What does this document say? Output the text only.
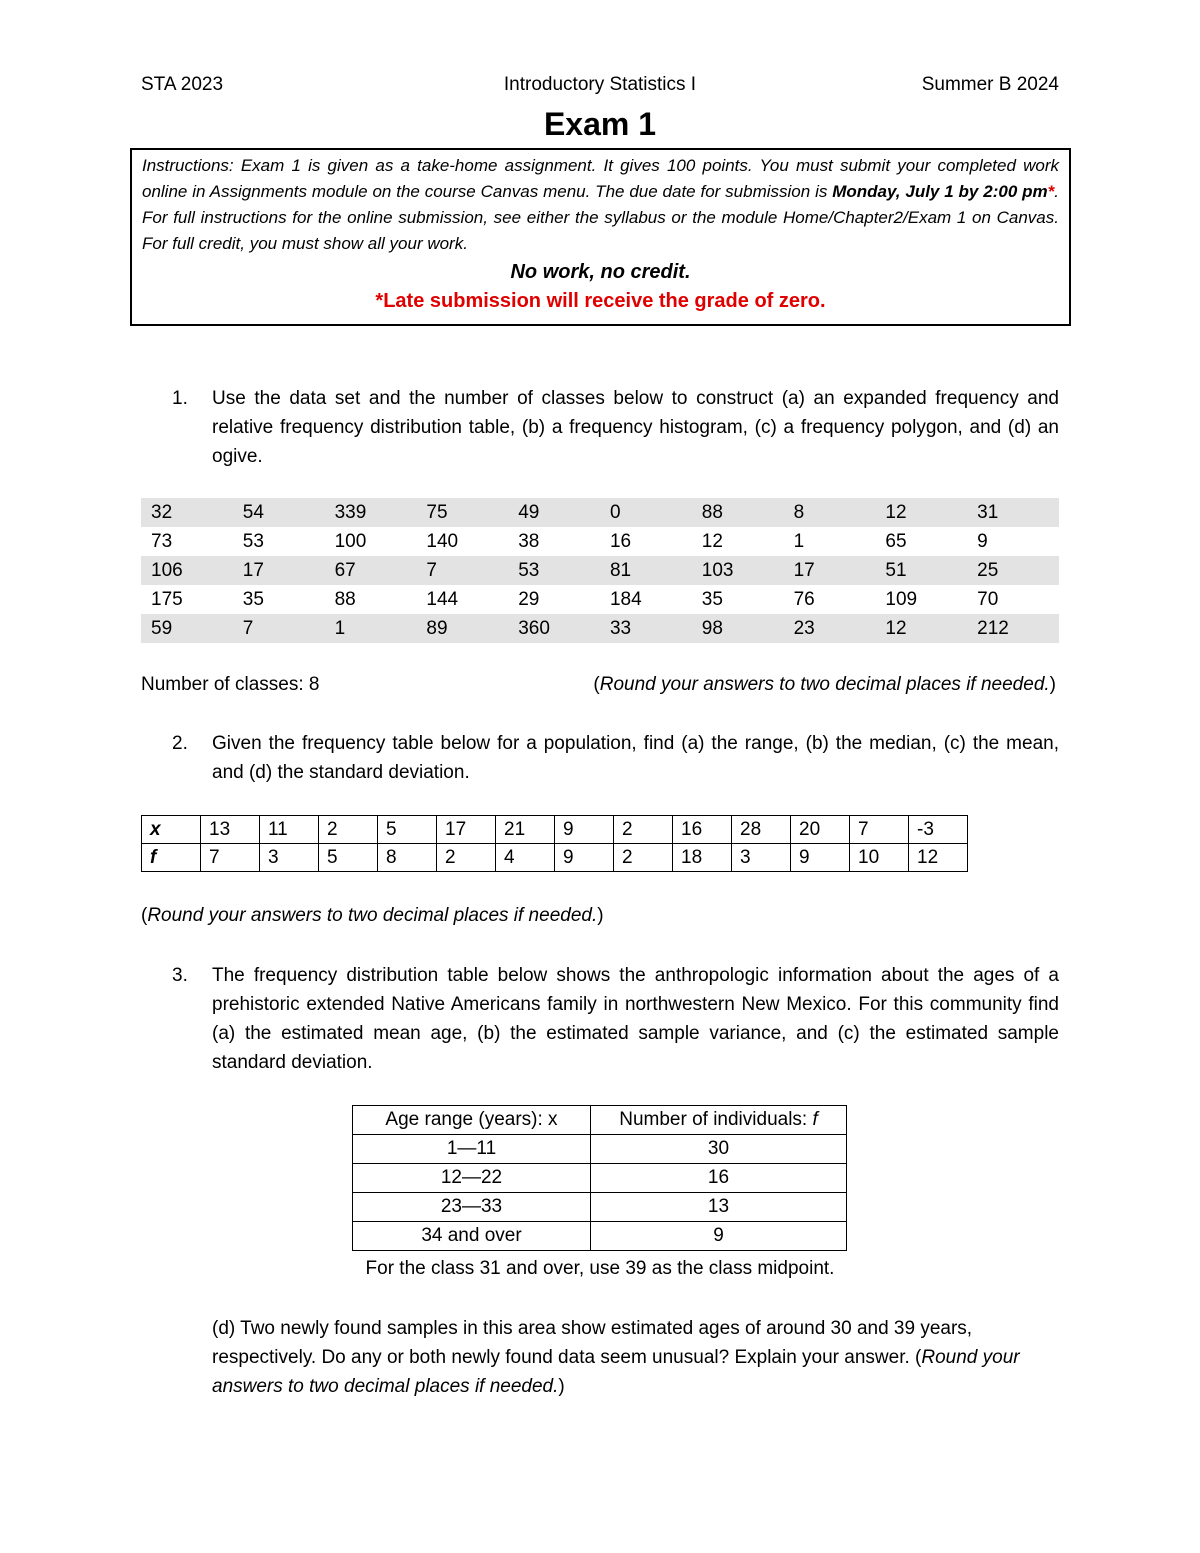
STA 2023	Introductory Statistics I	Summer B 2024
Exam 1
Instructions: Exam 1 is given as a take-home assignment. It gives 100 points. You must submit your completed work online in Assignments module on the course Canvas menu. The due date for submission is Monday, July 1 by 2:00 pm*. For full instructions for the online submission, see either the syllabus or the module Home/Chapter2/Exam 1 on Canvas. For full credit, you must show all your work.
No work, no credit.
*Late submission will receive the grade of zero.
1. Use the data set and the number of classes below to construct (a) an expanded frequency and relative frequency distribution table, (b) a frequency histogram, (c) a frequency polygon, and (d) an ogive.
32	54	339	75	49	0	88	8	12	31
73	53	100	140	38	16	12	1	65	9
106	17	67	7	53	81	103	17	51	25
175	35	88	144	29	184	35	76	109	70
59	7	1	89	360	33	98	23	12	212
Number of classes: 8	(Round your answers to two decimal places if needed.)
2. Given the frequency table below for a population, find (a) the range, (b) the median, (c) the mean, and (d) the standard deviation.
x	13	11	2	5	17	21	9	2	16	28	20	7	-3
f	7	3	5	8	2	4	9	2	18	3	9	10	12
(Round your answers to two decimal places if needed.)
3. The frequency distribution table below shows the anthropologic information about the ages of a prehistoric extended Native Americans family in northwestern New Mexico. For this community find (a) the estimated mean age, (b) the estimated sample variance, and (c) the estimated sample standard deviation.
Age range (years): x	Number of individuals: f
1—11	30
12—22	16
23—33	13
34 and over	9
For the class 31 and over, use 39 as the class midpoint.
(d) Two newly found samples in this area show estimated ages of around 30 and 39 years, respectively. Do any or both newly found data seem unusual? Explain your answer. (Round your answers to two decimal places if needed.)
